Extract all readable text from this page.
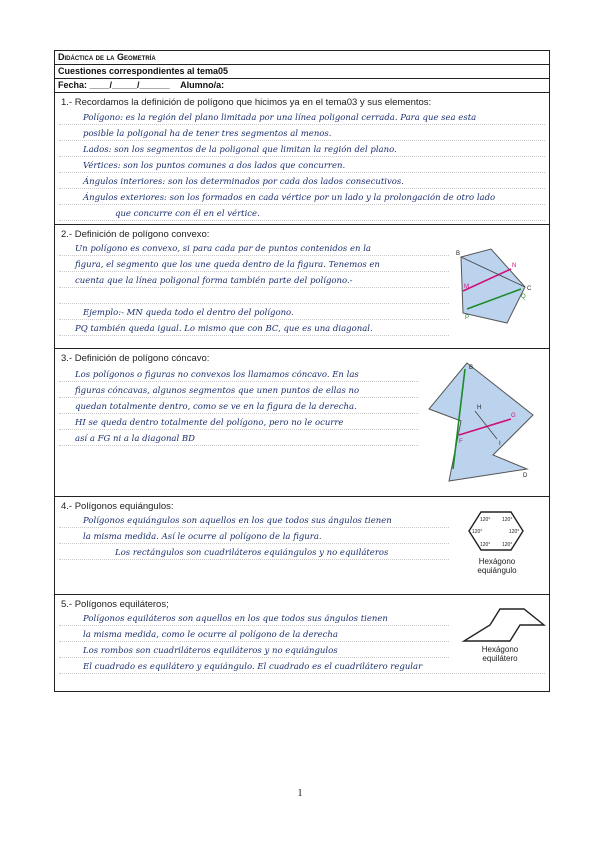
Didáctica de la Geometría
Cuestiones correspondientes al tema05
Fecha: ____/_____/______ Alumno/a:
1.- Recordamos la definición de polígono que hicimos ya en el tema03 y sus elementos:
Polígono: es la región del plano limitada por una línea poligonal cerrada. Para que sea esta
posible la poligonal ha de tener tres segmentos al menos.
Lados: son los segmentos de la poligonal que limitan la región del plano.
Vértices: son los puntos comunes a dos lados que concurren.
Ángulos interiores: son los determinados por cada dos lados consecutivos.
Ángulos exteriores: son los formados en cada vértice por un lado y la prolongación de otro lado
que concurre con él en el vértice.
2.- Definición de polígono convexo:
Un polígono es convexo, si para cada par de puntos contenidos en la
figura, el segmento que los une queda dentro de la figura. Tenemos en
cuenta que la línea poligonal forma también parte del polígono.-
Ejemplo:- MN queda todo el dentro del polígono.
PQ también queda igual. Lo mismo que con BC, que es una diagonal.
B
C
M
N
P
Q
3.- Definición de polígono cóncavo:
Los polígonos o figuras no convexos los llamamos cóncavo. En las
figuras cóncavas, algunos segmentos que unen puntos de ellas no
quedan totalmente dentro, como se ve en la figura de la derecha.
HI se queda dentro totalmente del polígono, pero no le ocurre
así a FG ni a la diagonal BD
B
D
F
G
H
I
4.- Polígonos equiángulos:
Polígonos equiángulos son aquellos en los que todos sus ángulos tienen
la misma medida. Así le ocurre al polígono de la figura.
Los rectángulos son cuadriláteros equiángulos y no equiláteros
120° 120°
120°	120°
120° 120°
Hexágono equiángulo
5.- Polígonos equiláteros;
Polígonos equiláteros son aquellos en los que todos sus ángulos tienen
la misma medida, como le ocurre al polígono de la derecha
Los rombos son cuadriláteros equiláteros y no equiángulos
El cuadrado es equilátero y equiángulo. El cuadrado es el cuadrilátero regular
Hexágono equilátero
1
